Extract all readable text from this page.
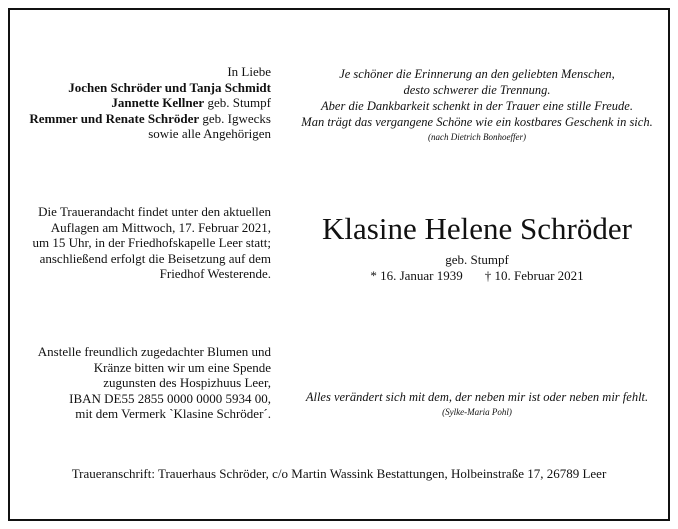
In Liebe
Jochen Schröder und Tanja Schmidt
Jannette Kellner geb. Stumpf
Remmer und Renate Schröder geb. Igwecks
sowie alle Angehörigen
Je schöner die Erinnerung an den geliebten Menschen,
desto schwerer die Trennung.
Aber die Dankbarkeit schenkt in der Trauer eine stille Freude.
Man trägt das vergangene Schöne wie ein kostbares Geschenk in sich.
(nach Dietrich Bonhoeffer)
Die Trauerandacht findet unter den aktuellen
Auflagen am Mittwoch, 17. Februar 2021,
um 15 Uhr, in der Friedhofskapelle Leer statt;
anschließend erfolgt die Beisetzung auf dem
Friedhof Westerende.
Klasine Helene Schröder
geb. Stumpf
* 16. Januar 1939 † 10. Februar 2021
Anstelle freundlich zugedachter Blumen und
Kränze bitten wir um eine Spende
zugunsten des Hospizhuus Leer,
IBAN DE55 2855 0000 0000 5934 00,
mit dem Vermerk `Klasine Schröder´.
Alles verändert sich mit dem, der neben mir ist oder neben mir fehlt.
(Sylke-Maria Pohl)
Traueranschrift: Trauerhaus Schröder, c/o Martin Wassink Bestattungen, Holbeinstraße 17, 26789 Leer
